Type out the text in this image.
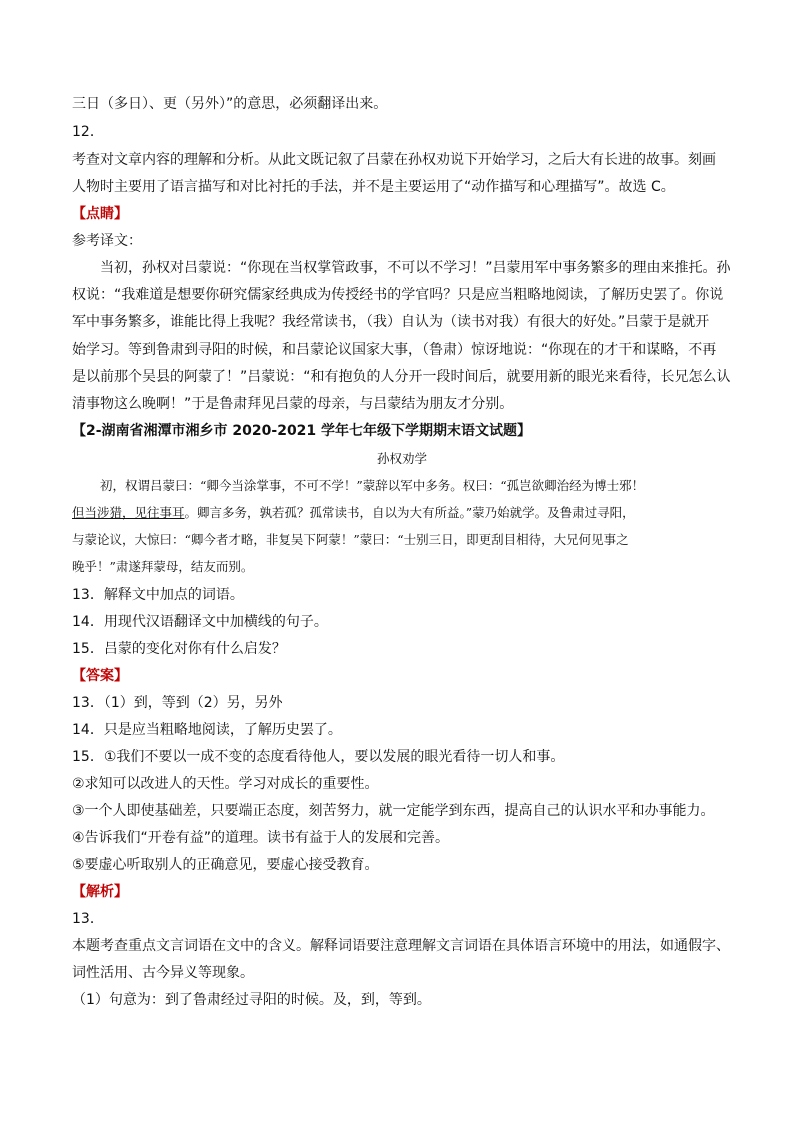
三日（多日）、更（另外）”的意思，必须翻译出来。
12．
考查对文章内容的理解和分析。从此文既记叙了吕蒙在孙权劝说下开始学习，之后大有长进的故事。刻画
人物时主要用了语言描写和对比衬托的手法，并不是主要运用了“动作描写和心理描写”。故选 C。
【点睛】
参考译文：
当初，孙权对吕蒙说：“你现在当权掌管政事，不可以不学习！”吕蒙用军中事务繁多的理由来推托。孙
权说：“我难道是想要你研究儒家经典成为传授经书的学官吗？只是应当粗略地阅读，了解历史罢了。你说
军中事务繁多，谁能比得上我呢？我经常读书，（我）自认为（读书对我）有很大的好处。”吕蒙于是就开
始学习。等到鲁肃到寻阳的时候，和吕蒙论议国家大事，（鲁肃）惊讶地说：“你现在的才干和谋略，不再
是以前那个吴县的阿蒙了！”吕蒙说：“和有抱负的人分开一段时间后，就要用新的眼光来看待，长兄怎么认
清事物这么晚啊！”于是鲁肃拜见吕蒙的母亲，与吕蒙结为朋友才分别。
【2-湖南省湘潭市湘乡市 2020-2021 学年七年级下学期期末语文试题】
孙权劝学
初，权谓吕蒙曰：“卿今当涂掌事，不可不学！”蒙辞以军中多务。权曰：“孤岂欲卿治经为博士邪！
但当涉猎，见往事耳。卿言多务，孰若孤？孤常读书，自以为大有所益。”蒙乃始就学。及鲁肃过寻阳，
与蒙论议，大惊曰：“卿今者才略，非复吴下阿蒙！”蒙曰：“士别三日，即更刮目相待，大兄何见事之
晚乎！”肃遂拜蒙母，结友而别。
13．解释文中加点的词语。
14．用现代汉语翻译文中加横线的句子。
15．吕蒙的变化对你有什么启发？
【答案】
13．（1）到，等到（2）另，另外
14．只是应当粗略地阅读，了解历史罢了。
15．①我们不要以一成不变的态度看待他人，要以发展的眼光看待一切人和事。
②求知可以改进人的天性。学习对成长的重要性。
③一个人即使基础差，只要端正态度，刻苦努力，就一定能学到东西，提高自己的认识水平和办事能力。
④告诉我们“开卷有益”的道理。读书有益于人的发展和完善。
⑤要虚心听取别人的正确意见，要虚心接受教育。
【解析】
13．
本题考查重点文言词语在文中的含义。解释词语要注意理解文言词语在具体语言环境中的用法，如通假字、
词性活用、古今异义等现象。
（1）句意为：到了鲁肃经过寻阳的时候。及，到，等到。
